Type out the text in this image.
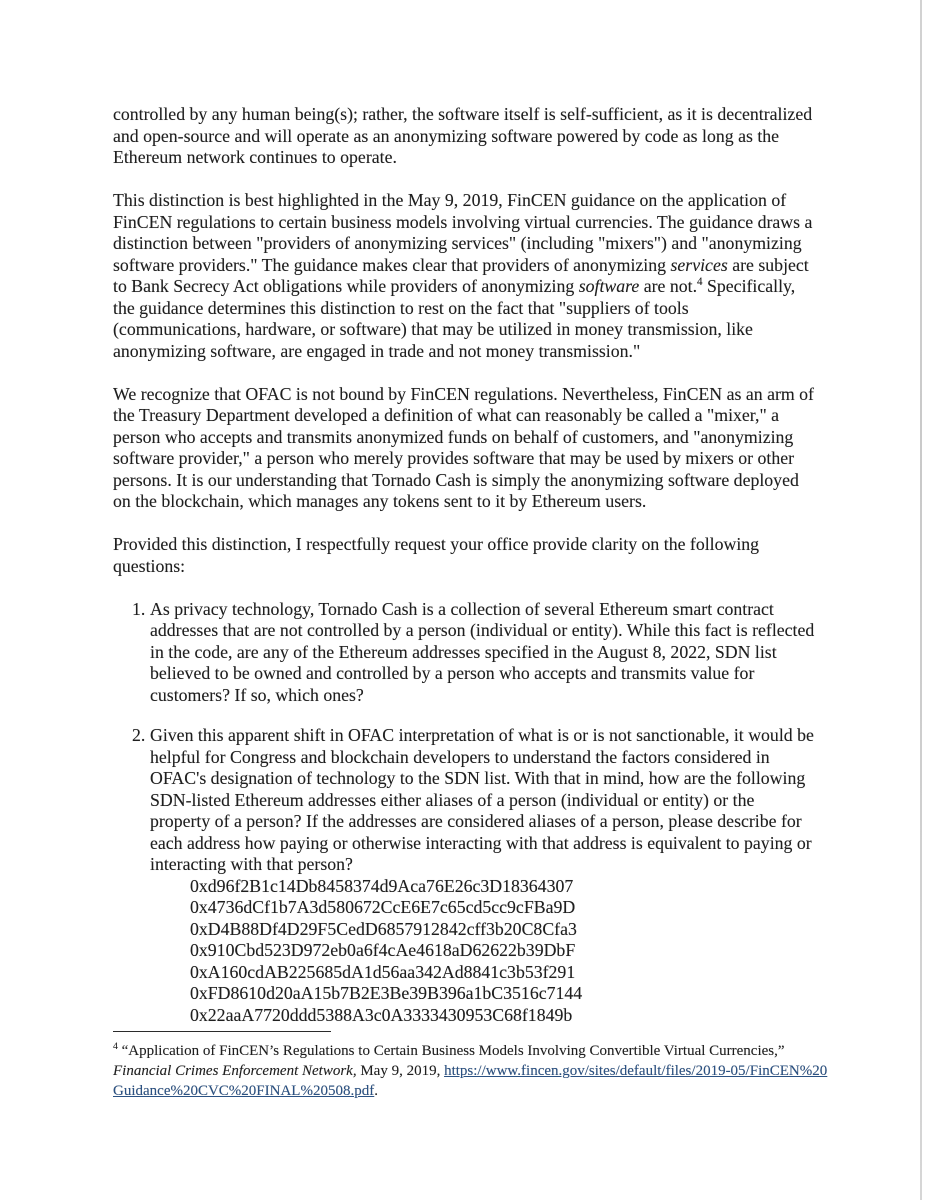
controlled by any human being(s); rather, the software itself is self-sufficient, as it is decentralized and open-source and will operate as an anonymizing software powered by code as long as the Ethereum network continues to operate.

This distinction is best highlighted in the May 9, 2019, FinCEN guidance on the application of FinCEN regulations to certain business models involving virtual currencies. The guidance draws a distinction between "providers of anonymizing services" (including "mixers") and "anonymizing software providers." The guidance makes clear that providers of anonymizing services are subject to Bank Secrecy Act obligations while providers of anonymizing software are not.$^4$ Specifically, the guidance determines this distinction to rest on the fact that "suppliers of tools (communications, hardware, or software) that may be utilized in money transmission, like anonymizing software, are engaged in trade and not money transmission."

We recognize that OFAC is not bound by FinCEN regulations. Nevertheless, FinCEN as an arm of the Treasury Department developed a definition of what can reasonably be called a "mixer," a person who accepts and transmits anonymized funds on behalf of customers, and "anonymizing software provider," a person who merely provides software that may be used by mixers or other persons. It is our understanding that Tornado Cash is simply the anonymizing software deployed on the blockchain, which manages any tokens sent to it by Ethereum users.

Provided this distinction, I respectfully request your office provide clarity on the following questions:

1. As privacy technology, Tornado Cash is a collection of several Ethereum smart contract addresses that are not controlled by a person (individual or entity). While this fact is reflected in the code, are any of the Ethereum addresses specified in the August 8, 2022, SDN list believed to be owned and controlled by a person who accepts and transmits value for customers? If so, which ones?
2. Given this apparent shift in OFAC interpretation of what is or is not sanctionable, it would be helpful for Congress and blockchain developers to understand the factors considered in OFAC's designation of technology to the SDN list. With that in mind, how are the following SDN-listed Ethereum addresses either aliases of a person (individual or entity) or the property of a person? If the addresses are considered aliases of a person, please describe for each address how paying or otherwise interacting with that address is equivalent to paying or interacting with that person?
0xd96f2B1c14Db8458374d9Aca76E26c3D18364307
0x4736dCf1b7A3d580672CcE6E7c65cd5cc9cFBa9D
0xD4B88Df4D29F5CedD6857912842cff3b20C8Cfa3
0x910Cbd523D972eb0a6f4cAe4618aD62622b39DbF
0xA160cdAB225685dA1d56aa342Ad8841c3b53f291
0xFD8610d20aA15b7B2E3Be39B396a1bC3516c7144
0x22aaA7720ddd5388A3c0A3333430953C68f1849b
$^4$ “Application of FinCEN’s Regulations to Certain Business Models Involving Convertible Virtual Currencies,” Financial Crimes Enforcement Network, May 9, 2019, https://www.fincen.gov/sites/default/files/2019-05/FinCEN%20Guidance%20CVC%20FINAL%20508.pdf.
